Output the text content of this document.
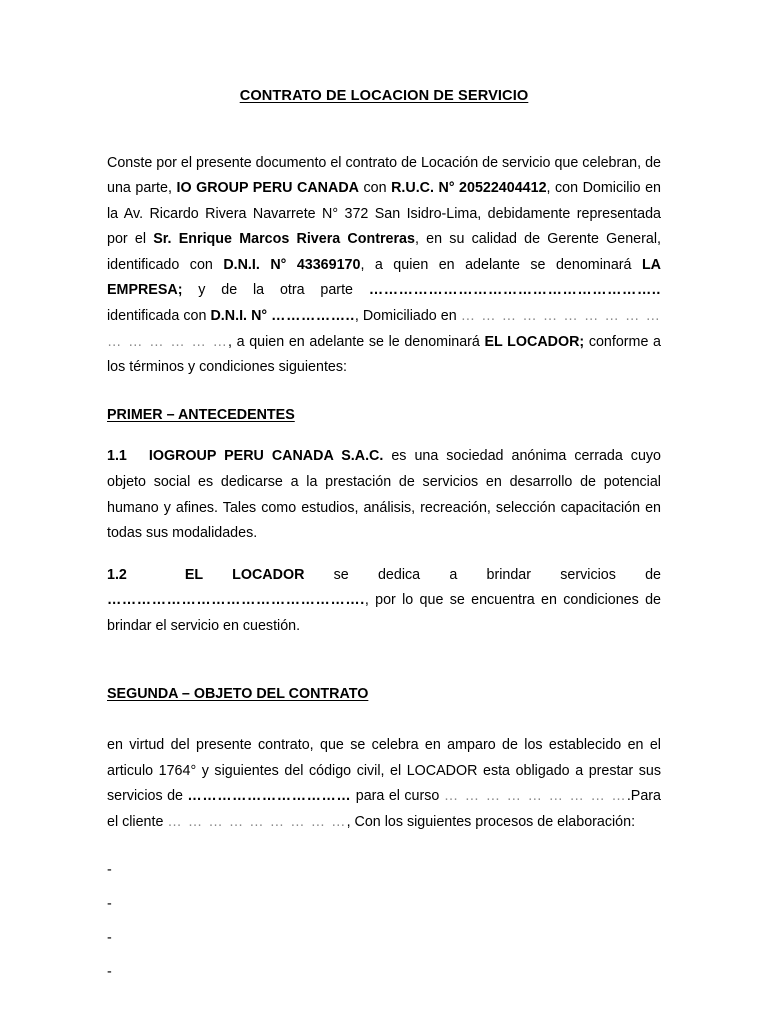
CONTRATO DE LOCACION DE SERVICIO

Conste por el presente documento el contrato de Locación de servicio que celebran, de una parte, IO GROUP PERU CANADA con R.U.C. N° 20522404412, con Domicilio en la Av. Ricardo Rivera Navarrete N° 372 San Isidro-Lima, debidamente representada por el Sr. Enrique Marcos Rivera Contreras, en su calidad de Gerente General, identificado con D.N.I. N° 43369170, a quien en adelante se denominará LA EMPRESA; y de la otra parte ………………………………………………….. identificada con D.N.I. N° …………….., Domiciliado en … … … … … … … … … … … … … … … …, a quien en adelante se le denominará EL LOCADOR; conforme a los términos y condiciones siguientes:

PRIMER – ANTECEDENTES

1.1 IOGROUP PERU CANADA S.A.C. es una sociedad anónima cerrada cuyo objeto social es dedicarse a la prestación de servicios en desarrollo de potencial humano y afines. Tales como estudios, análisis, recreación, selección capacitación en todas sus modalidades.

1.2	EL LOCADOR se dedica a brindar servicios de ……………………………………………., por lo que se encuentra en condiciones de brindar el servicio en cuestión.

SEGUNDA – OBJETO DEL CONTRATO

en virtud del presente contrato, que se celebra en amparo de los establecido en el articulo 1764° y siguientes del código civil, el LOCADOR esta obligado a prestar sus servicios de …………………………… para el curso … … … … … … … … ….Para el cliente … … … … … … … … …, Con los siguientes procesos de elaboración:

-
-
-
-
